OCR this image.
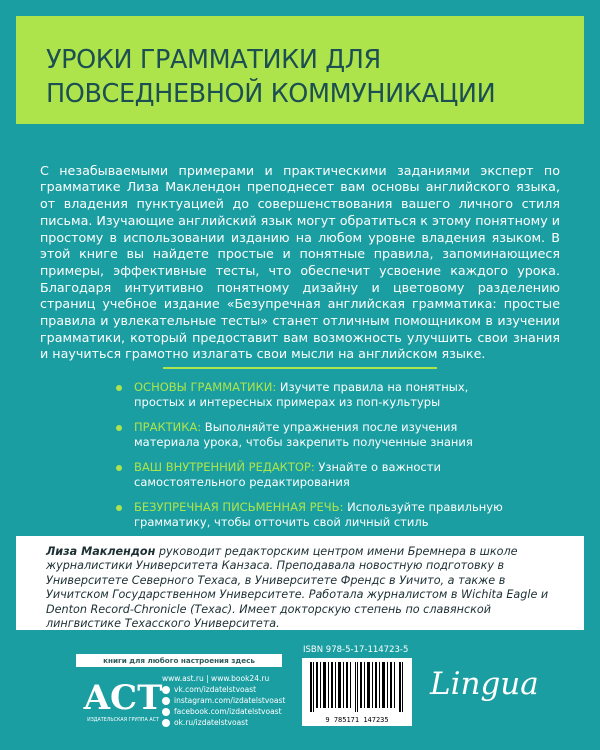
УРОКИ ГРАММАТИКИ ДЛЯ
ПОВСЕДНЕВНОЙ КОММУНИКАЦИИ

С незабываемыми примерами и практическими заданиями эксперт по грамматике Лиза Маклендон преподнесет вам основы английского языка, от владения пунктуацией до совершенствования вашего личного стиля письма. Изучающие английский язык могут обратиться к этому понятному и простому в использовании изданию на любом уровне владения языком. В этой книге вы найдете простые и понятные правила, запоминающиеся примеры, эффективные тесты, что обеспечит усвоение каждого урока. Благодаря интуитивно понятному дизайну и цветовому разделению страниц учебное издание «Безупречная английская грамматика: простые правила и увлекательные тесты» станет отличным помощником в изучении грамматики, который предоставит вам возможность улучшить свои знания и научиться грамотно излагать свои мысли на английском языке.

ОСНОВЫ ГРАММАТИКИ: Изучите правила на понятных, простых и интересных примерах из поп-культуры
ПРАКТИКА: Выполняйте упражнения после изучения материала урока, чтобы закрепить полученные знания
ВАШ ВНУТРЕННИЙ РЕДАКТОР: Узнайте о важности самостоятельного редактирования
БЕЗУПРЕЧНАЯ ПИСЬМЕННАЯ РЕЧЬ: Используйте правильную грамматику, чтобы отточить свой личный стиль
Лиза Маклендон руководит редакторским центром имени Бремнера в школе журналистики Университета Канзаса. Преподавала новостную подготовку в Университете Северного Техаса, в Университете Френдс в Уичито, а также в Уичитском Государственном Университете. Работала журналистом в Wichita Eagle и Denton Record-Chronicle (Техас). Имеет докторскую степень по славянской лингвистике Техасского Университета.
книги для любого настроения здесь
ACT
ИЗДАТЕЛЬСКАЯ ГРУППА АСТ
www.ast.ru | www.book24.ru
vk.com/izdatelstvoast
instagram.com/izdatelstvoast
facebook.com/izdatelstvoast
ok.ru/izdatelstvoast
ISBN 978-5-17-114723-5
9 785171 147235
Lingua
